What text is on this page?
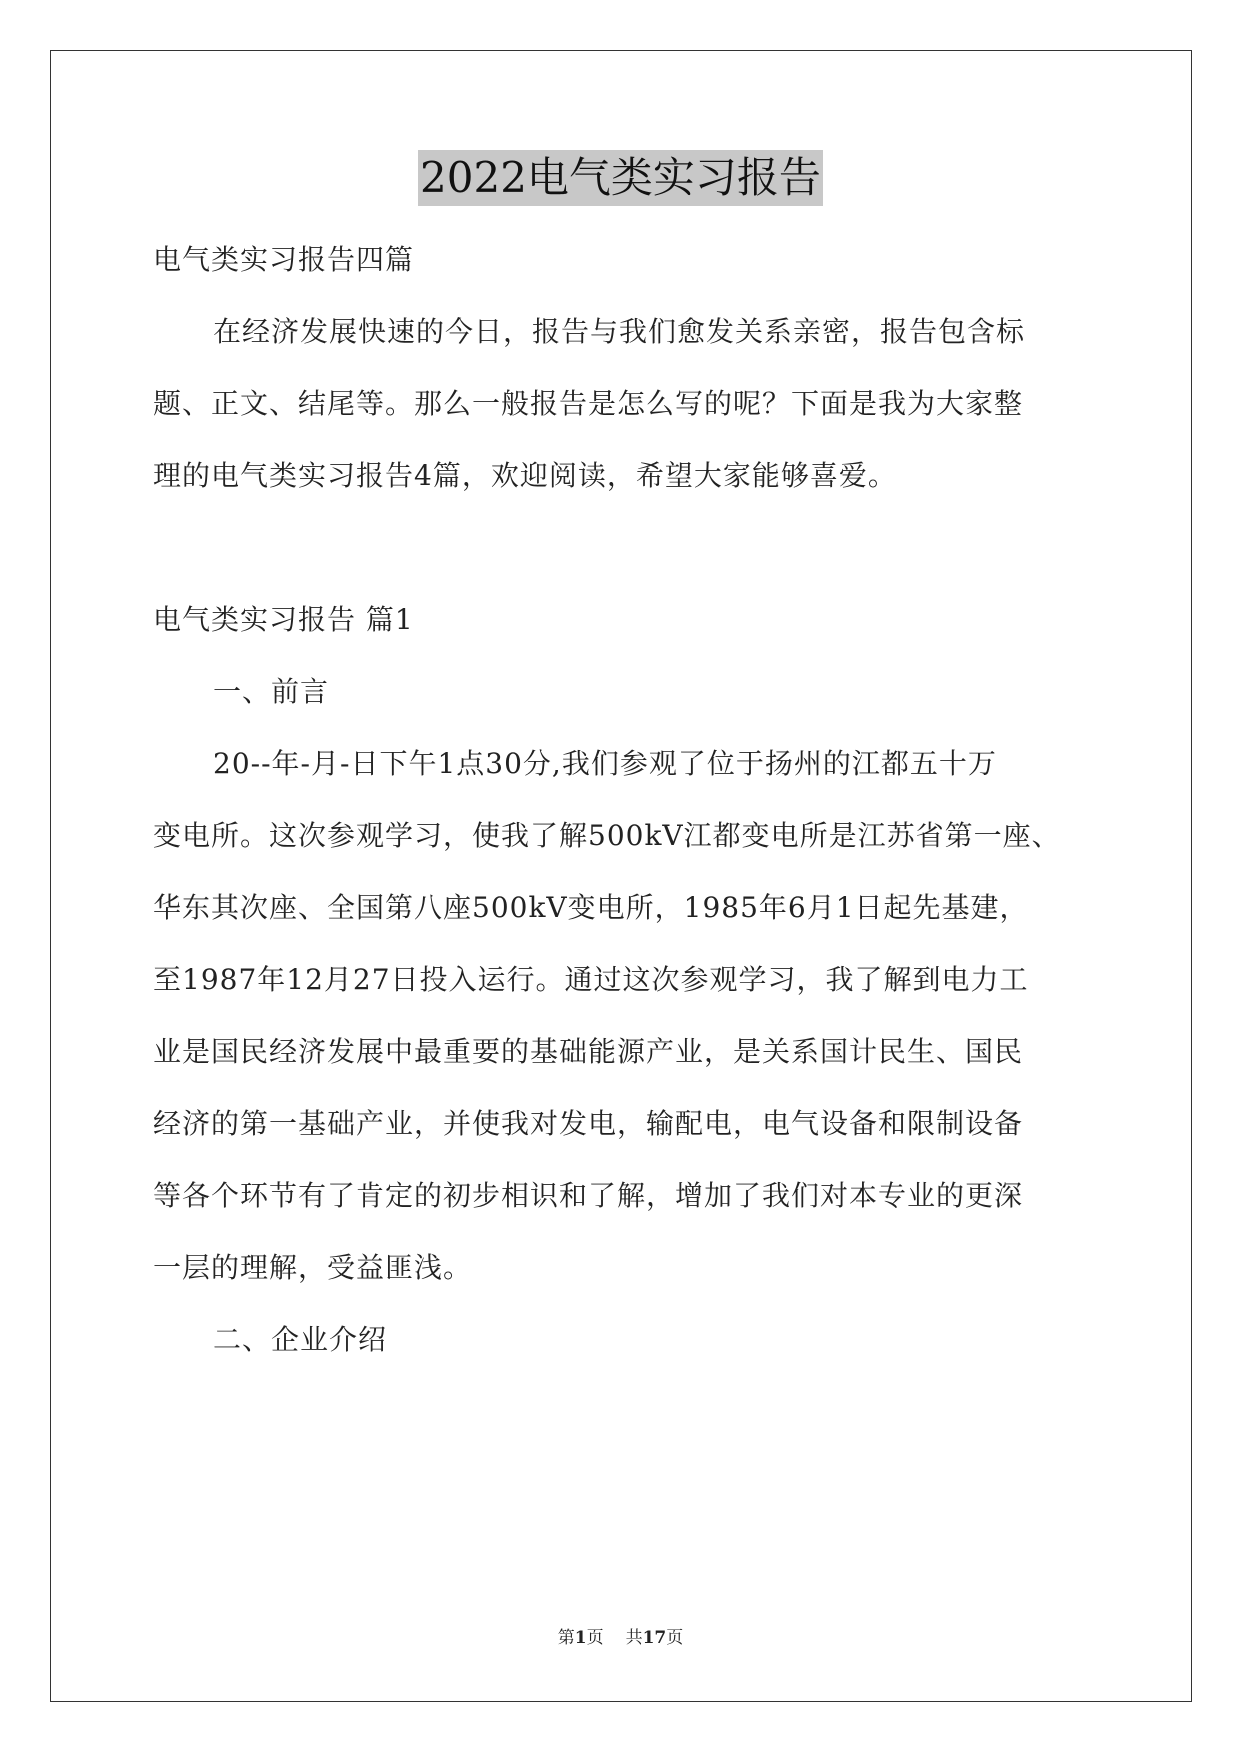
2022电气类实习报告
电气类实习报告四篇
在经济发展快速的今日，报告与我们愈发关系亲密，报告包含标
题、正文、结尾等。那么一般报告是怎么写的呢？下面是我为大家整
理的电气类实习报告4篇，欢迎阅读，希望大家能够喜爱。
电气类实习报告 篇1
一、前言
20--年-月-日下午1点30分,我们参观了位于扬州的江都五十万
变电所。这次参观学习，使我了解500kV江都变电所是江苏省第一座、
华东其次座、全国第八座500kV变电所，1985年6月1日起先基建，
至1987年12月27日投入运行。通过这次参观学习，我了解到电力工
业是国民经济发展中最重要的基础能源产业，是关系国计民生、国民
经济的第一基础产业，并使我对发电，输配电，电气设备和限制设备
等各个环节有了肯定的初步相识和了解，增加了我们对本专业的更深
一层的理解，受益匪浅。
二、企业介绍
第1页 共17页
